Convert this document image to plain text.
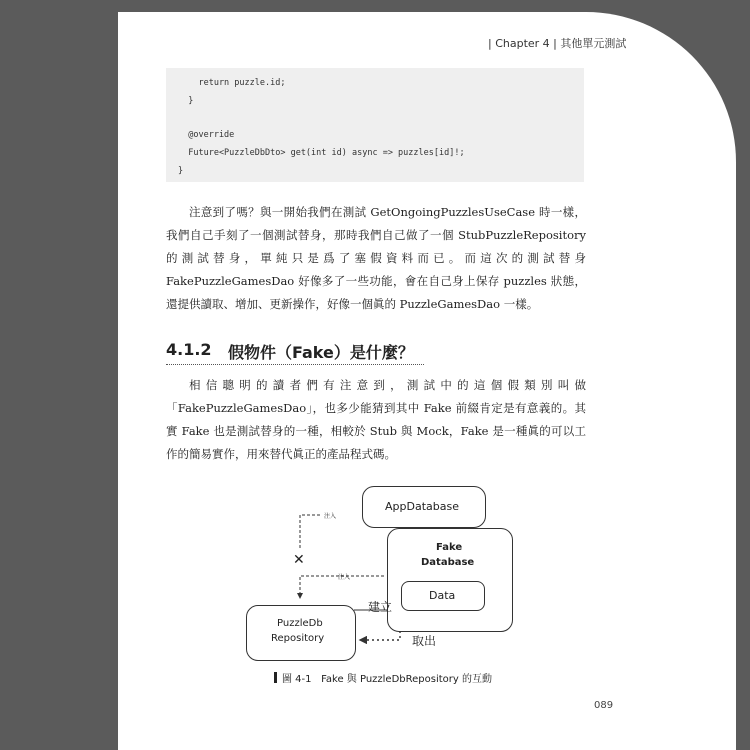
| Chapter 4 | 其他單元測試
return puzzle.id;
}
@override
Future<PuzzleDbDto> get(int id) async => puzzles[id]!;
}

注意到了嗎？與一開始我們在測試 GetOngoingPuzzlesUseCase 時一樣，我們自己手刻了一個測試替身，那時我們自己做了一個 StubPuzzleRepository 的測試替身，單純只是爲了塞假資料而已。而這次的測試替身 FakePuzzleGamesDao 好像多了一些功能，會在自己身上保存 puzzles 狀態，還提供讀取、增加、更新操作，好像一個眞的 PuzzleGamesDao 一樣。

4.1.2 假物件（Fake）是什麼？

相信聰明的讀者們有注意到，測試中的這個假類別叫做「FakePuzzleGamesDao」，也多少能猜到其中 Fake 前綴肯定是有意義的。其實 Fake 也是測試替身的一種，相較於 Stub 與 Mock，Fake 是一種眞的可以工作的簡易實作，用來替代眞正的產品程式碼。

AppDatabase
Fake
Database
Data
PuzzleDb
Repository
注入
✕
注入
建立
取出
圖 4-1 Fake 與 PuzzleDbRepository 的互動
089
